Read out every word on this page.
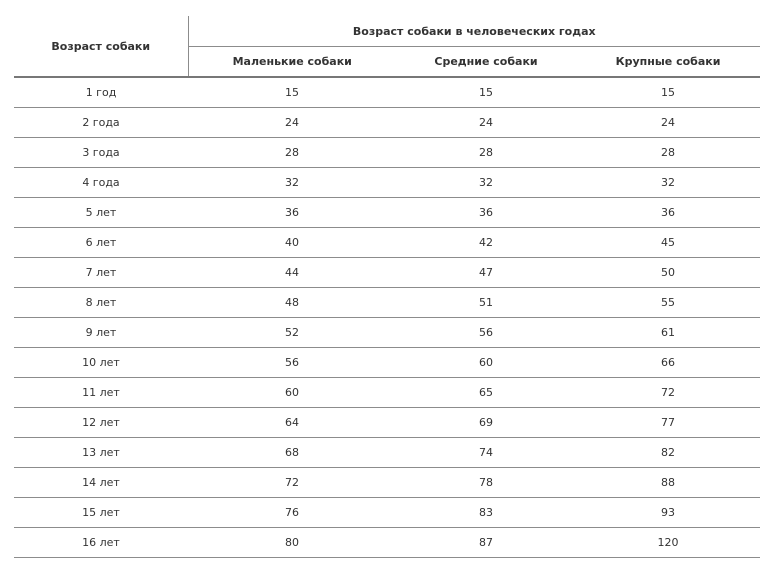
Возраст собаки	Возраст собаки в человеческих годах		
	Маленькие собаки	Средние собаки	Крупные собаки
1 год	15	15	15
2 года	24	24	24
3 года	28	28	28
4 года	32	32	32
5 лет	36	36	36
6 лет	40	42	45
7 лет	44	47	50
8 лет	48	51	55
9 лет	52	56	61
10 лет	56	60	66
11 лет	60	65	72
12 лет	64	69	77
13 лет	68	74	82
14 лет	72	78	88
15 лет	76	83	93
16 лет	80	87	120
